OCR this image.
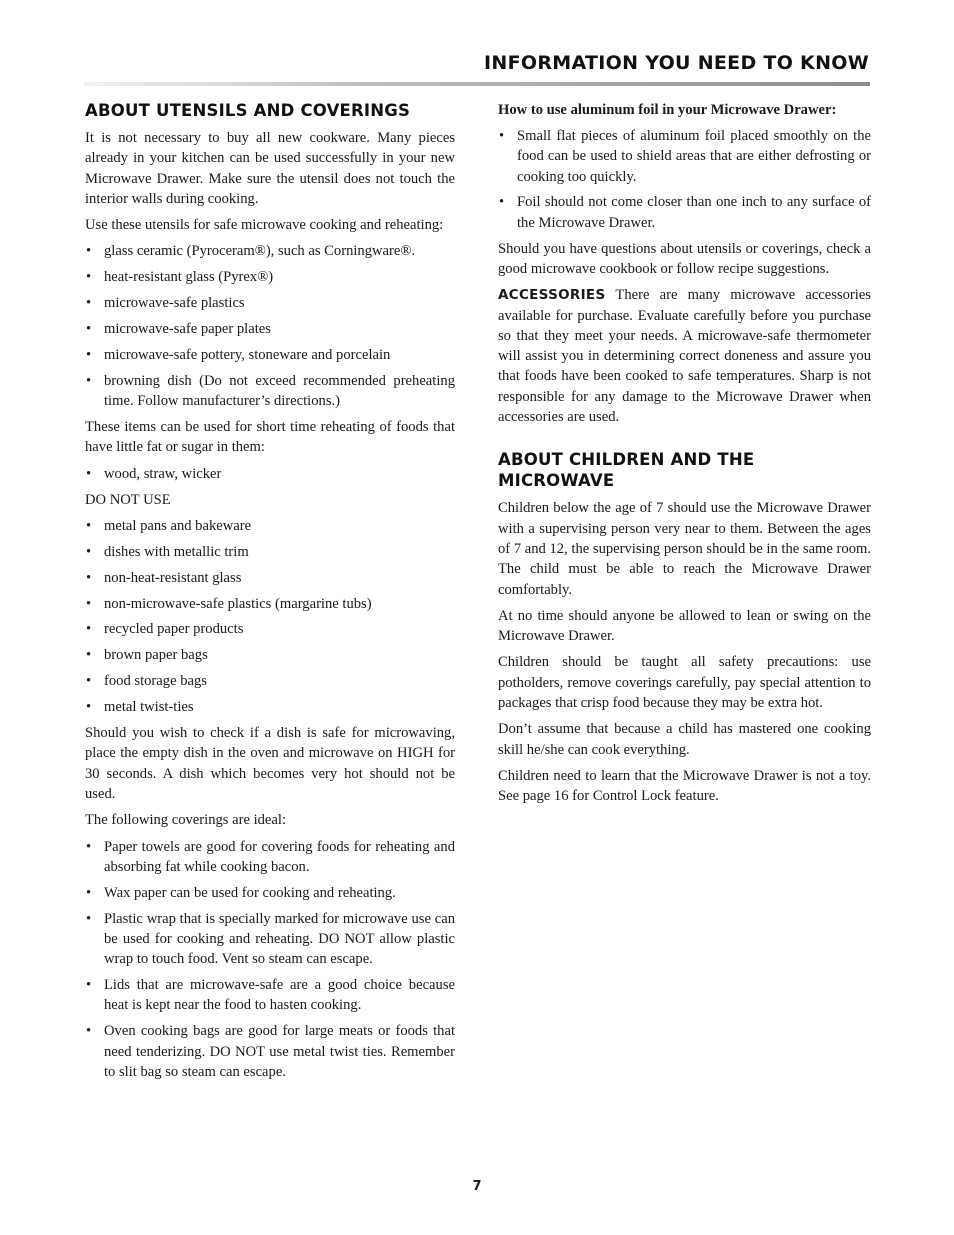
INFORMATION YOU NEED TO KNOW
ABOUT UTENSILS AND COVERINGS

It is not necessary to buy all new cookware. Many pieces already in your kitchen can be used successfully in your new Microwave Drawer. Make sure the utensil does not touch the interior walls during cooking.

Use these utensils for safe microwave cooking and reheating:

• glass ceramic (Pyroceram®), such as Corningware®.
• heat-resistant glass (Pyrex®)
• microwave-safe plastics
• microwave-safe paper plates
• microwave-safe pottery, stoneware and porcelain
• browning dish (Do not exceed recommended preheating time. Follow manufacturer’s directions.)

These items can be used for short time reheating of foods that have little fat or sugar in them:

• wood, straw, wicker

DO NOT USE

• metal pans and bakeware
• dishes with metallic trim
• non-heat-resistant glass
• non-microwave-safe plastics (margarine tubs)
• recycled paper products
• brown paper bags
• food storage bags
• metal twist-ties

Should you wish to check if a dish is safe for microwaving, place the empty dish in the oven and microwave on HIGH for 30 seconds. A dish which becomes very hot should not be used.

The following coverings are ideal:

• Paper towels are good for covering foods for reheating and absorbing fat while cooking bacon.
• Wax paper can be used for cooking and reheating.
• Plastic wrap that is specially marked for microwave use can be used for cooking and reheating. DO NOT allow plastic wrap to touch food. Vent so steam can escape.
• Lids that are microwave-safe are a good choice because heat is kept near the food to hasten cooking.
• Oven cooking bags are good for large meats or foods that need tenderizing. DO NOT use metal twist ties. Remember to slit bag so steam can escape.

How to use aluminum foil in your Microwave Drawer:

• Small flat pieces of aluminum foil placed smoothly on the food can be used to shield areas that are either defrosting or cooking too quickly.
• Foil should not come closer than one inch to any surface of the Microwave Drawer.

Should you have questions about utensils or coverings, check a good microwave cookbook or follow recipe suggestions.

ACCESSORIES There are many microwave accessories available for purchase. Evaluate carefully before you purchase so that they meet your needs. A microwave-safe thermometer will assist you in determining correct doneness and assure you that foods have been cooked to safe temperatures. Sharp is not responsible for any damage to the Microwave Drawer when accessories are used.

ABOUT CHILDREN AND THE MICROWAVE

Children below the age of 7 should use the Microwave Drawer with a supervising person very near to them. Between the ages of 7 and 12, the supervising person should be in the same room. The child must be able to reach the Microwave Drawer comfortably.

At no time should anyone be allowed to lean or swing on the Microwave Drawer.

Children should be taught all safety precautions: use potholders, remove coverings carefully, pay special attention to packages that crisp food because they may be extra hot.

Don’t assume that because a child has mastered one cooking skill he/she can cook everything.

Children need to learn that the Microwave Drawer is not a toy. See page 16 for Control Lock feature.

7
